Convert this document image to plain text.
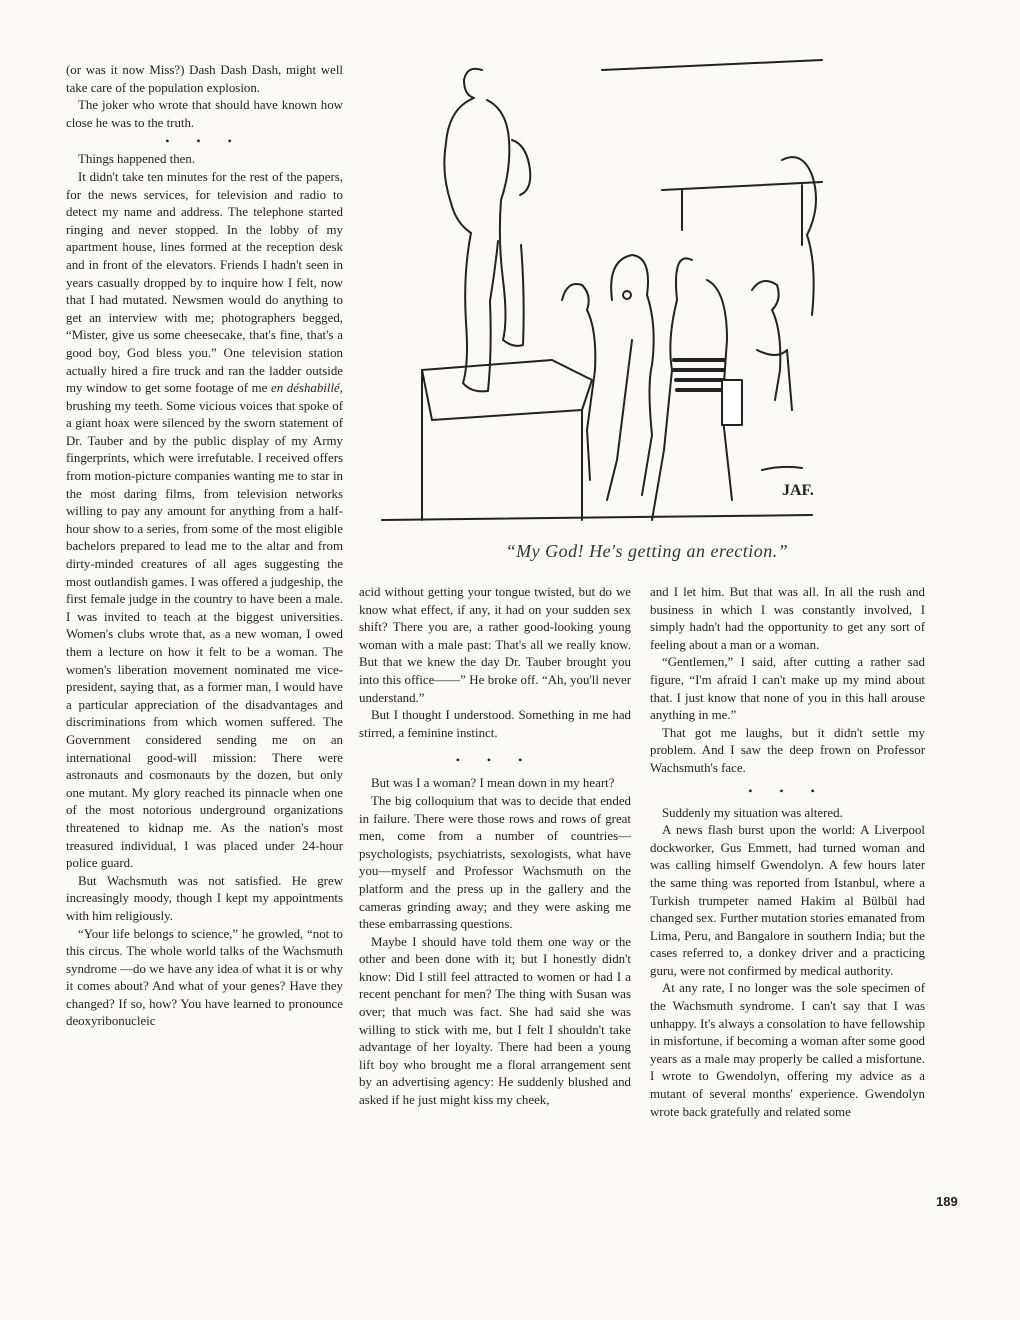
(or was it now Miss?) Dash Dash Dash, might well take care of the population explosion.

The joker who wrote that should have known how close he was to the truth.

• • •

Things happened then.

It didn't take ten minutes for the rest of the papers, for the news services, for television and radio to detect my name and address. The telephone started ringing and never stopped. In the lobby of my apartment house, lines formed at the reception desk and in front of the elevators. Friends I hadn't seen in years casually dropped by to inquire how I felt, now that I had mutated. Newsmen would do anything to get an interview with me; photographers begged, “Mister, give us some cheesecake, that's fine, that's a good boy, God bless you.” One television station actually hired a fire truck and ran the ladder outside my window to get some footage of me en déshabillé, brushing my teeth. Some vicious voices that spoke of a giant hoax were silenced by the sworn statement of Dr. Tauber and by the public display of my Army fingerprints, which were irrefutable. I received offers from motion-picture companies wanting me to star in the most daring films, from television networks willing to pay any amount for anything from a half-hour show to a series, from some of the most eligible bachelors prepared to lead me to the altar and from dirty-minded creatures of all ages suggesting the most outlandish games. I was offered a judgeship, the first female judge in the country to have been a male. I was invited to teach at the biggest universities. Women's clubs wrote that, as a new woman, I owed them a lecture on how it felt to be a woman. The women's liberation movement nominated me vice-president, saying that, as a former man, I would have a particular appreciation of the disadvantages and discriminations from which women suffered. The Government considered sending me on an international good-will mission: There were astronauts and cosmonauts by the dozen, but only one mutant. My glory reached its pinnacle when one of the most notorious underground organizations threatened to kidnap me. As the nation's most treasured individual, I was placed under 24-hour police guard.

But Wachsmuth was not satisfied. He grew increasingly moody, though I kept my appointments with him religiously.

“Your life belongs to science,” he growled, “not to this circus. The whole world talks of the Wachsmuth syndrome —do we have any idea of what it is or why it comes about? And what of your genes? Have they changed? If so, how? You have learned to pronounce deoxyribonucleic

JAF.
“My God! He's getting an erection.”

acid without getting your tongue twisted, but do we know what effect, if any, it had on your sudden sex shift? There you are, a rather good-looking young woman with a male past: That's all we really know. But that we knew the day Dr. Tauber brought you into this office——” He broke off. “Ah, you'll never understand.”

But I thought I understood. Something in me had stirred, a feminine instinct.

• • •

But was I a woman? I mean down in my heart?

The big colloquium that was to decide that ended in failure. There were those rows and rows of great men, come from a number of countries—psychologists, psychiatrists, sexologists, what have you—myself and Professor Wachsmuth on the platform and the press up in the gallery and the cameras grinding away; and they were asking me these embarrassing questions.

Maybe I should have told them one way or the other and been done with it; but I honestly didn't know: Did I still feel attracted to women or had I a recent penchant for men? The thing with Susan was over; that much was fact. She had said she was willing to stick with me, but I felt I shouldn't take advantage of her loyalty. There had been a young lift boy who brought me a floral arrangement sent by an advertising agency: He suddenly blushed and asked if he just might kiss my cheek,

and I let him. But that was all. In all the rush and business in which I was constantly involved, I simply hadn't had the opportunity to get any sort of feeling about a man or a woman.

“Gentlemen,” I said, after cutting a rather sad figure, “I'm afraid I can't make up my mind about that. I just know that none of you in this hall arouse anything in me.”

That got me laughs, but it didn't settle my problem. And I saw the deep frown on Professor Wachsmuth's face.

• • •

Suddenly my situation was altered.

A news flash burst upon the world: A Liverpool dockworker, Gus Emmett, had turned woman and was calling himself Gwendolyn. A few hours later the same thing was reported from Istanbul, where a Turkish trumpeter named Hakim al Bülbül had changed sex. Further mutation stories emanated from Lima, Peru, and Bangalore in southern India; but the cases referred to, a donkey driver and a practicing guru, were not confirmed by medical authority.

At any rate, I no longer was the sole specimen of the Wachsmuth syndrome. I can't say that I was unhappy. It's always a consolation to have fellowship in misfortune, if becoming a woman after some good years as a male may properly be called a misfortune. I wrote to Gwendolyn, offering my advice as a mutant of several months' experience. Gwendolyn wrote back gratefully and related some

189
